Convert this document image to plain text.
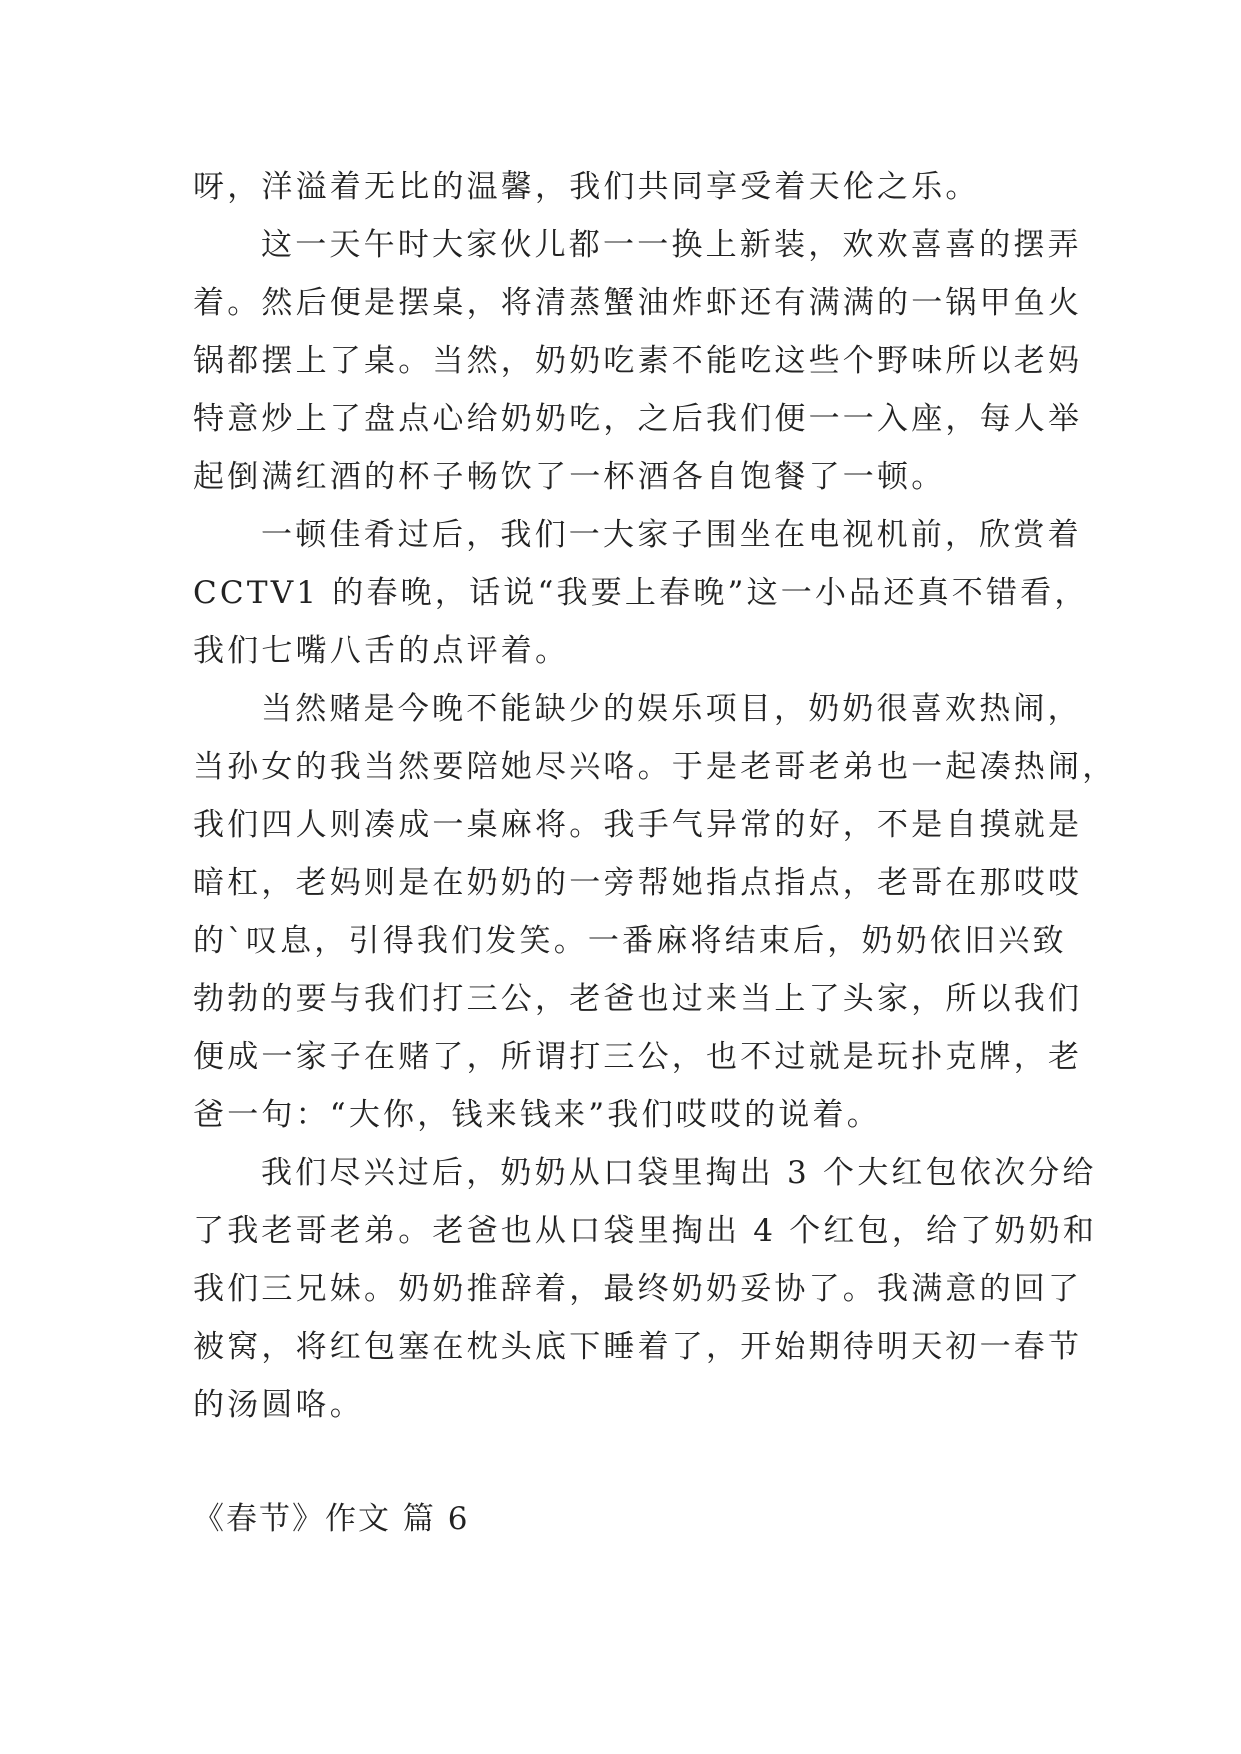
呀，洋溢着无比的温馨，我们共同享受着天伦之乐。
这一天午时大家伙儿都一一换上新装，欢欢喜喜的摆弄
着。然后便是摆桌，将清蒸蟹油炸虾还有满满的一锅甲鱼火
锅都摆上了桌。当然，奶奶吃素不能吃这些个野味所以老妈
特意炒上了盘点心给奶奶吃，之后我们便一一入座，每人举
起倒满红酒的杯子畅饮了一杯酒各自饱餐了一顿。
一顿佳肴过后，我们一大家子围坐在电视机前，欣赏着
CCTV1 的春晚，话说“我要上春晚”这一小品还真不错看，
我们七嘴八舌的点评着。
当然赌是今晚不能缺少的娱乐项目，奶奶很喜欢热闹，
当孙女的我当然要陪她尽兴咯。于是老哥老弟也一起凑热闹，
我们四人则凑成一桌麻将。我手气异常的好，不是自摸就是
暗杠，老妈则是在奶奶的一旁帮她指点指点，老哥在那哎哎
的`叹息，引得我们发笑。一番麻将结束后，奶奶依旧兴致
勃勃的要与我们打三公，老爸也过来当上了头家，所以我们
便成一家子在赌了，所谓打三公，也不过就是玩扑克牌，老
爸一句：“大你，钱来钱来”我们哎哎的说着。
我们尽兴过后，奶奶从口袋里掏出 3 个大红包依次分给
了我老哥老弟。老爸也从口袋里掏出 4 个红包，给了奶奶和
我们三兄妹。奶奶推辞着，最终奶奶妥协了。我满意的回了
被窝，将红包塞在枕头底下睡着了，开始期待明天初一春节
的汤圆咯。
《春节》作文 篇 6
